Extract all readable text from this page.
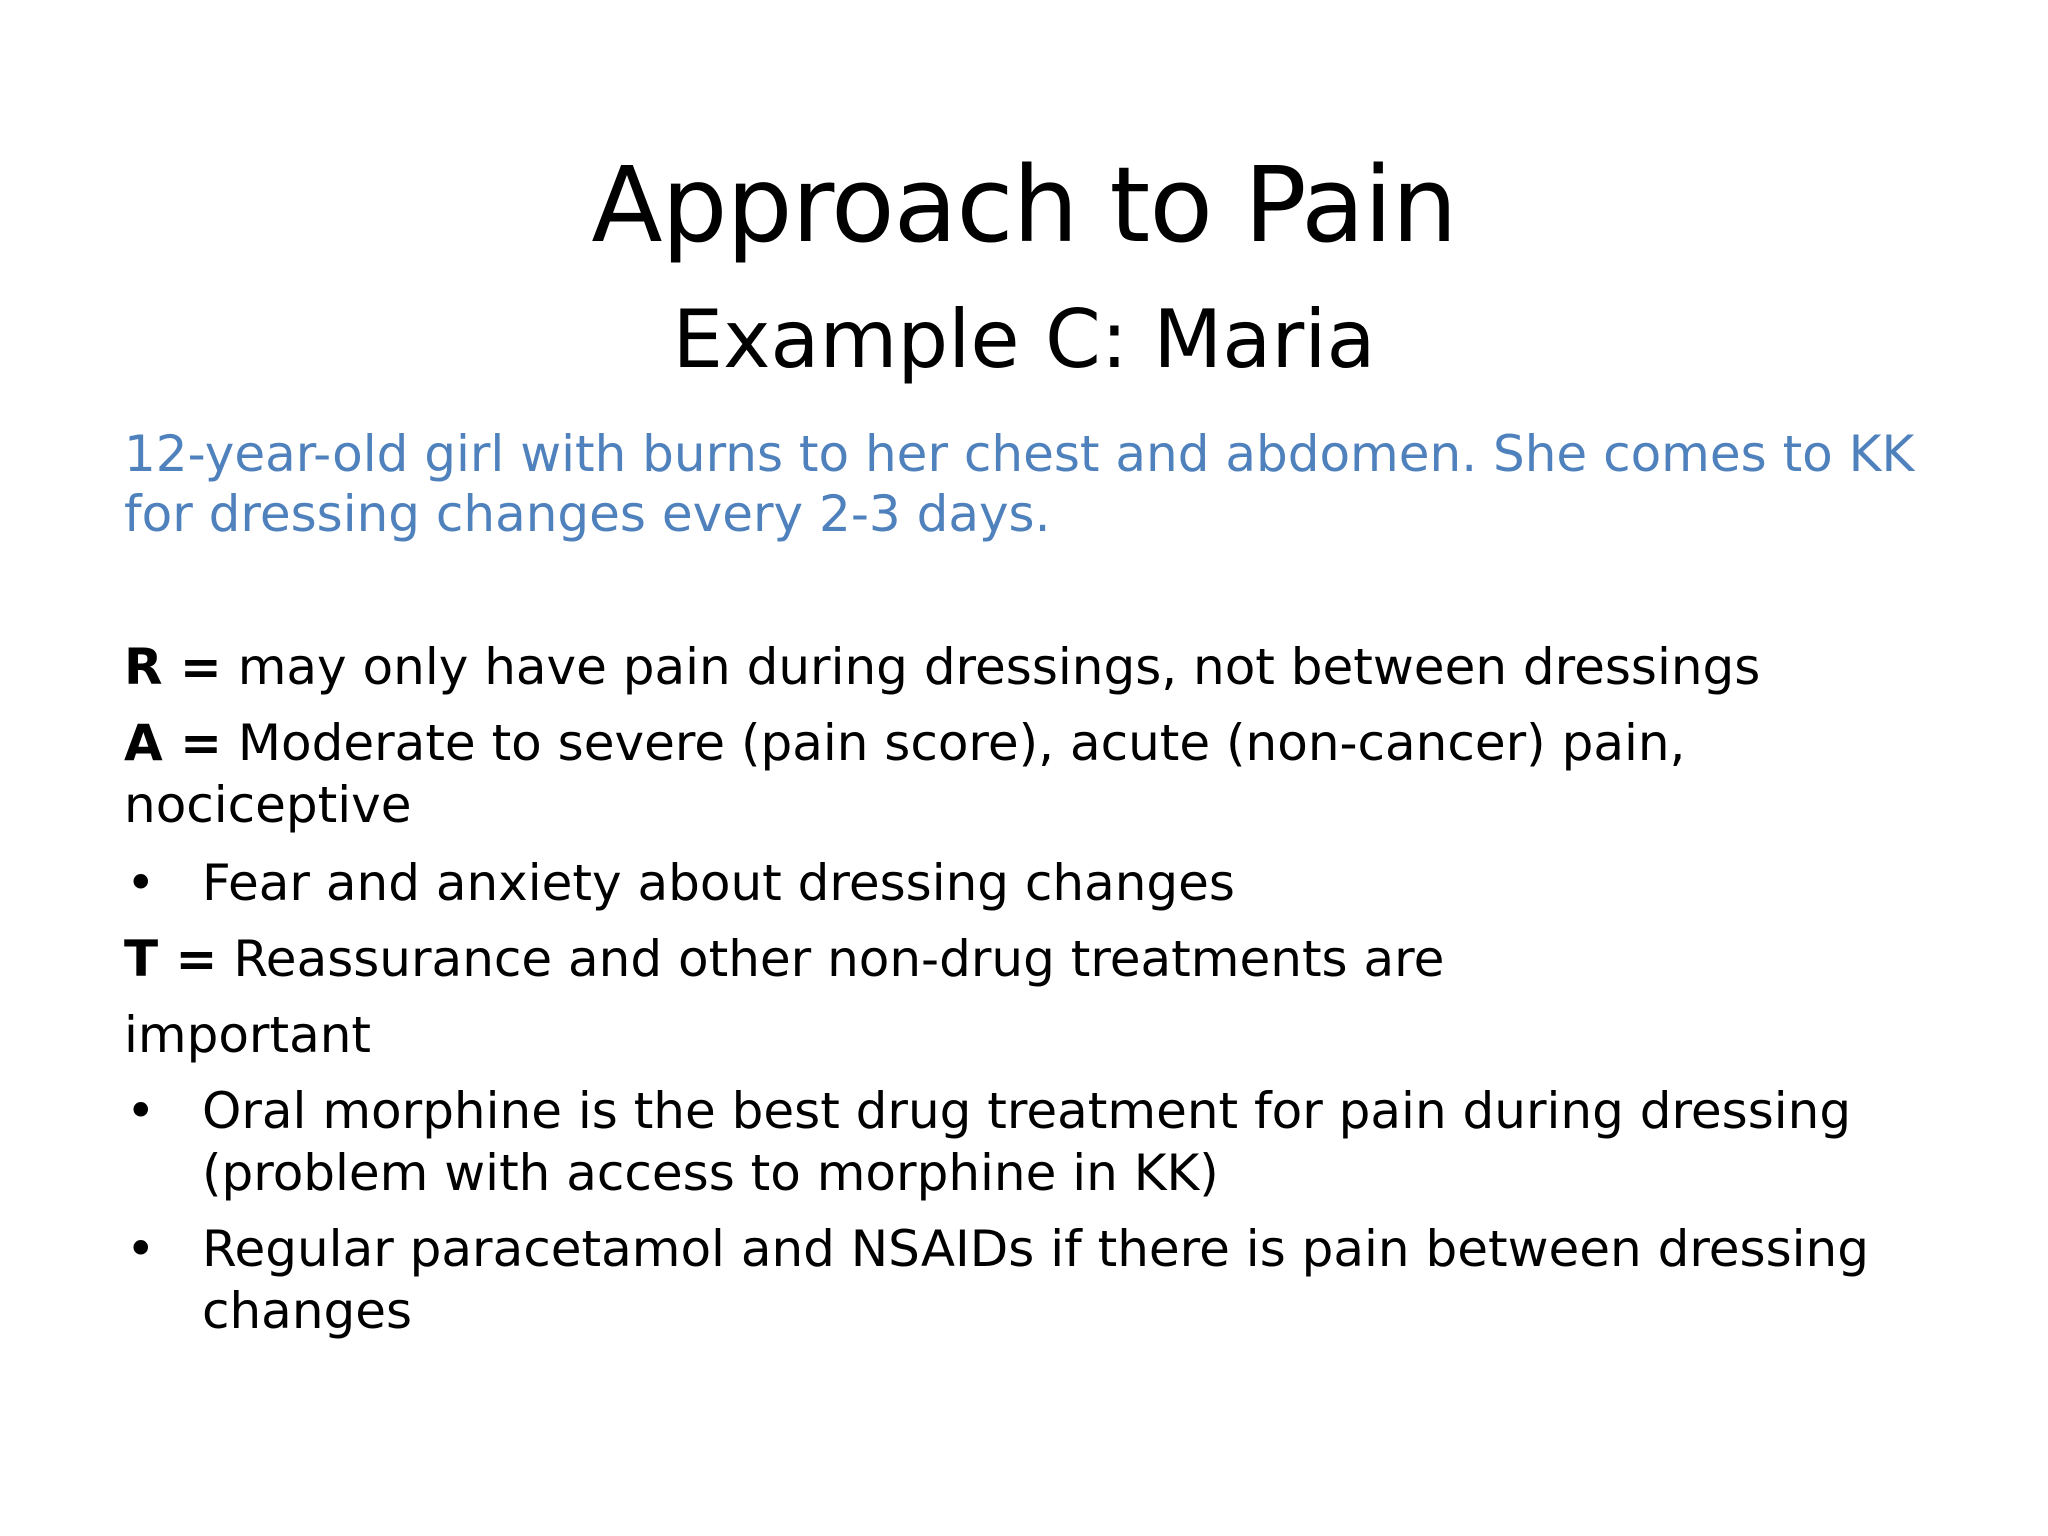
Approach to Pain
Example C: Maria
12-year-old girl with burns to her chest and abdomen. She comes to KK for dressing changes every 2-3 days.

R = may only have pain during dressings, not between dressings

A = Moderate to severe (pain score), acute (non-cancer) pain, nociceptive

• Fear and anxiety about dressing changes

T = Reassurance and other non-drug treatments are

important

• Oral morphine is the best drug treatment for pain during dressing (problem with access to morphine in KK)
• Regular paracetamol and NSAIDs if there is pain between dressing changes
